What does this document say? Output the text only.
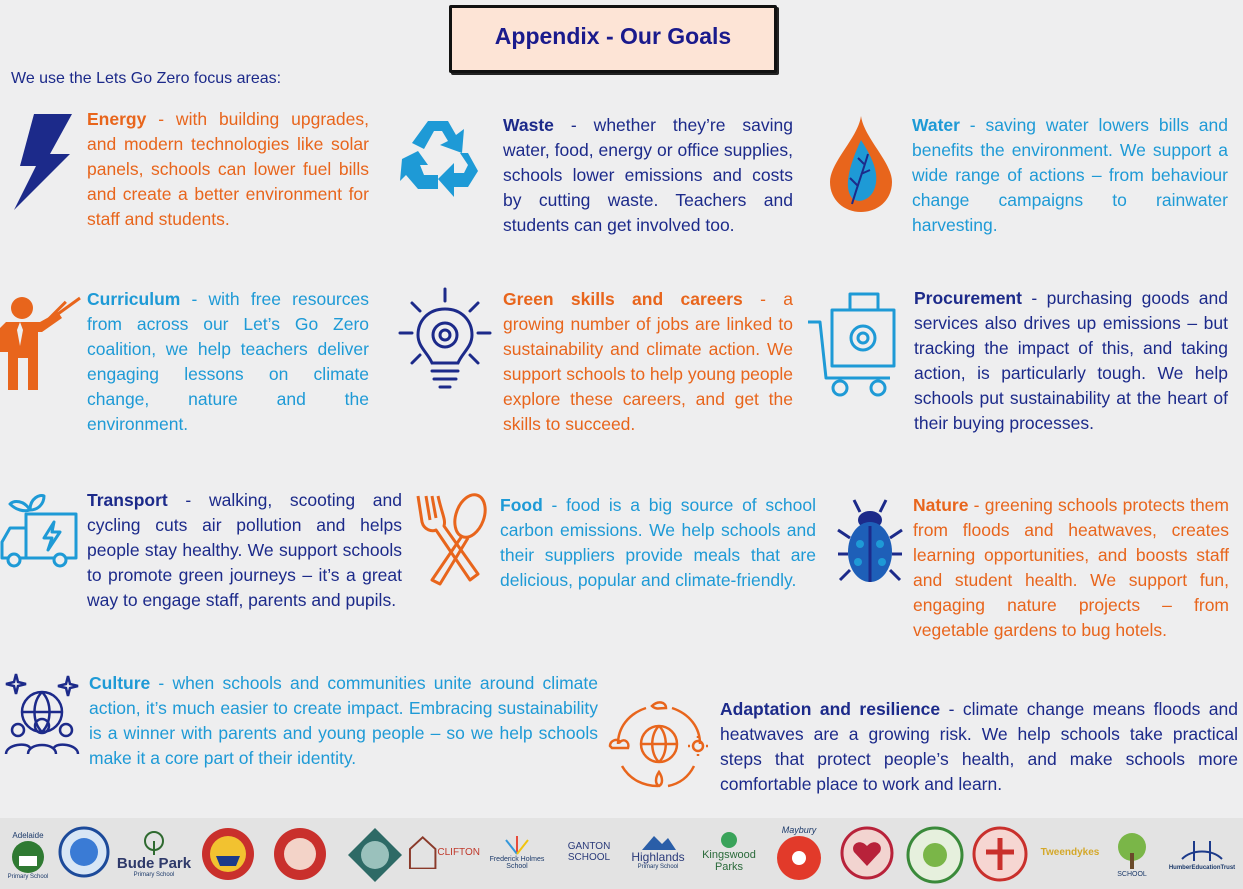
Appendix - Our Goals
We use the Lets Go Zero focus areas:
Energy - with building upgrades, and modern technologies like solar panels, schools can lower fuel bills and create a better environment for staff and students.
Waste - whether they’re saving water, food, energy or office supplies, schools lower emissions and costs by cutting waste. Teachers and students can get involved too.
Water - saving water lowers bills and benefits the environment. We support a wide range of actions – from behaviour change campaigns to rainwater harvesting.
Curriculum - with free resources from across our Let’s Go Zero coalition, we help teachers deliver engaging lessons on climate change, nature and the environment.
Green skills and careers - a growing number of jobs are linked to sustainability and climate action. We support schools to help young people explore these careers, and get the skills to succeed.
Procurement - purchasing goods and services also drives up emissions – but tracking the impact of this, and taking action, is particularly tough. We help schools put sustainability at the heart of their buying processes.
Transport - walking, scooting and cycling cuts air pollution and helps people stay healthy. We support schools to promote green journeys – it’s a great way to engage staff, parents and pupils.
Food - food is a big source of school carbon emissions. We help schools and their suppliers provide meals that are delicious, popular and climate-friendly.
Nature - greening schools protects them from floods and heatwaves, creates learning opportunities, and boosts staff and student health. We support fun, engaging nature projects – from vegetable gardens to bug hotels.
Culture - when schools and communities unite around climate action, it’s much easier to create impact. Embracing sustainability is a winner with parents and young people – so we help schools make it a core part of their identity.
Adaptation and resilience - climate change means floods and heatwaves are a growing risk. We help schools take practical steps that protect people’s health, and make schools more comfortable place to work and learn.
Adelaide
Primary School
Bude Park
Primary School
CLIFTON
Frederick Holmes School
GANTON SCHOOL	Highlands
Primary School
Kingswood Parks
Maybury
Tweendykes
SCHOOL
HumberEducationTrust
